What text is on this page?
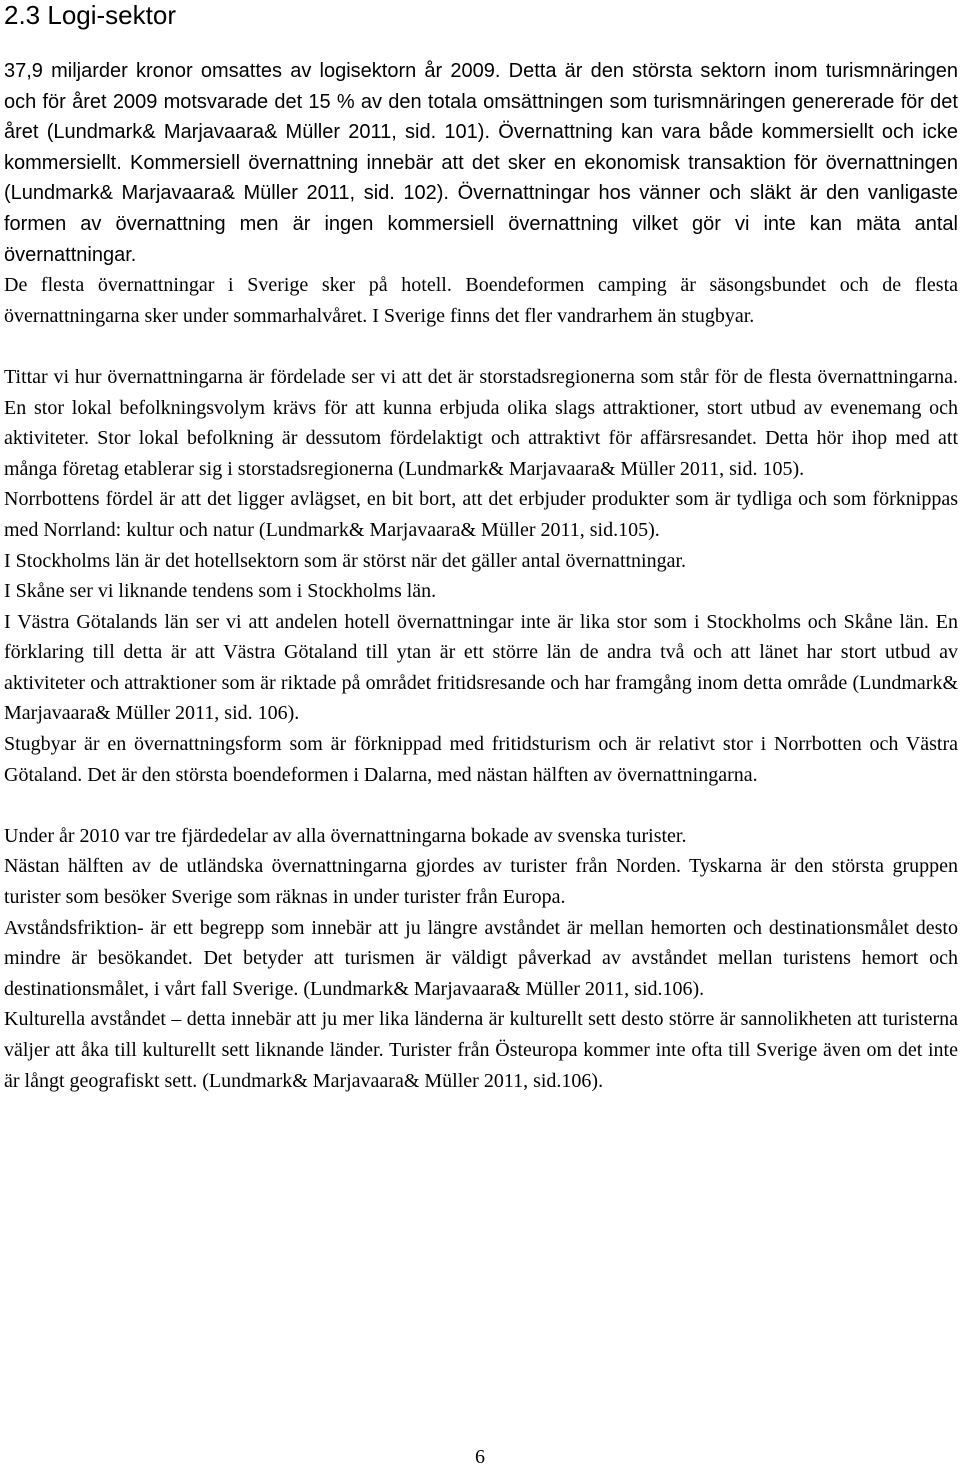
2.3 Logi-sektor

37,9 miljarder kronor omsattes av logisektorn år 2009. Detta är den största sektorn inom turismnäringen och för året 2009 motsvarade det 15 % av den totala omsättningen som turismnäringen genererade för det året (Lundmark& Marjavaara& Müller 2011, sid. 101). Övernattning kan vara både kommersiellt och icke kommersiellt. Kommersiell övernattning innebär att det sker en ekonomisk transaktion för övernattningen (Lundmark& Marjavaara& Müller 2011, sid. 102). Övernattningar hos vänner och släkt är den vanligaste formen av övernattning men är ingen kommersiell övernattning vilket gör vi inte kan mäta antal övernattningar.

De flesta övernattningar i Sverige sker på hotell. Boendeformen camping är säsongsbundet och de flesta övernattningarna sker under sommarhalvåret. I Sverige finns det fler vandrarhem än stugbyar.

Tittar vi hur övernattningarna är fördelade ser vi att det är storstadsregionerna som står för de flesta övernattningarna. En stor lokal befolkningsvolym krävs för att kunna erbjuda olika slags attraktioner, stort utbud av evenemang och aktiviteter. Stor lokal befolkning är dessutom fördelaktigt och attraktivt för affärsresandet. Detta hör ihop med att många företag etablerar sig i storstadsregionerna (Lundmark& Marjavaara& Müller 2011, sid. 105).

Norrbottens fördel är att det ligger avlägset, en bit bort, att det erbjuder produkter som är tydliga och som förknippas med Norrland: kultur och natur (Lundmark& Marjavaara& Müller 2011, sid.105).

I Stockholms län är det hotellsektorn som är störst när det gäller antal övernattningar.

I Skåne ser vi liknande tendens som i Stockholms län.

I Västra Götalands län ser vi att andelen hotell övernattningar inte är lika stor som i Stockholms och Skåne län. En förklaring till detta är att Västra Götaland till ytan är ett större län de andra två och att länet har stort utbud av aktiviteter och attraktioner som är riktade på området fritidsresande och har framgång inom detta område (Lundmark& Marjavaara& Müller 2011, sid. 106).

Stugbyar är en övernattningsform som är förknippad med fritidsturism och är relativt stor i Norrbotten och Västra Götaland. Det är den största boendeformen i Dalarna, med nästan hälften av övernattningarna.

Under år 2010 var tre fjärdedelar av alla övernattningarna bokade av svenska turister.

Nästan hälften av de utländska övernattningarna gjordes av turister från Norden. Tyskarna är den största gruppen turister som besöker Sverige som räknas in under turister från Europa.

Avståndsfriktion- är ett begrepp som innebär att ju längre avståndet är mellan hemorten och destinationsmålet desto mindre är besökandet. Det betyder att turismen är väldigt påverkad av avståndet mellan turistens hemort och destinationsmålet, i vårt fall Sverige. (Lundmark& Marjavaara& Müller 2011, sid.106).

Kulturella avståndet – detta innebär att ju mer lika länderna är kulturellt sett desto större är sannolikheten att turisterna väljer att åka till kulturellt sett liknande länder. Turister från Östeuropa kommer inte ofta till Sverige även om det inte är långt geografiskt sett. (Lundmark& Marjavaara& Müller 2011, sid.106).

6
